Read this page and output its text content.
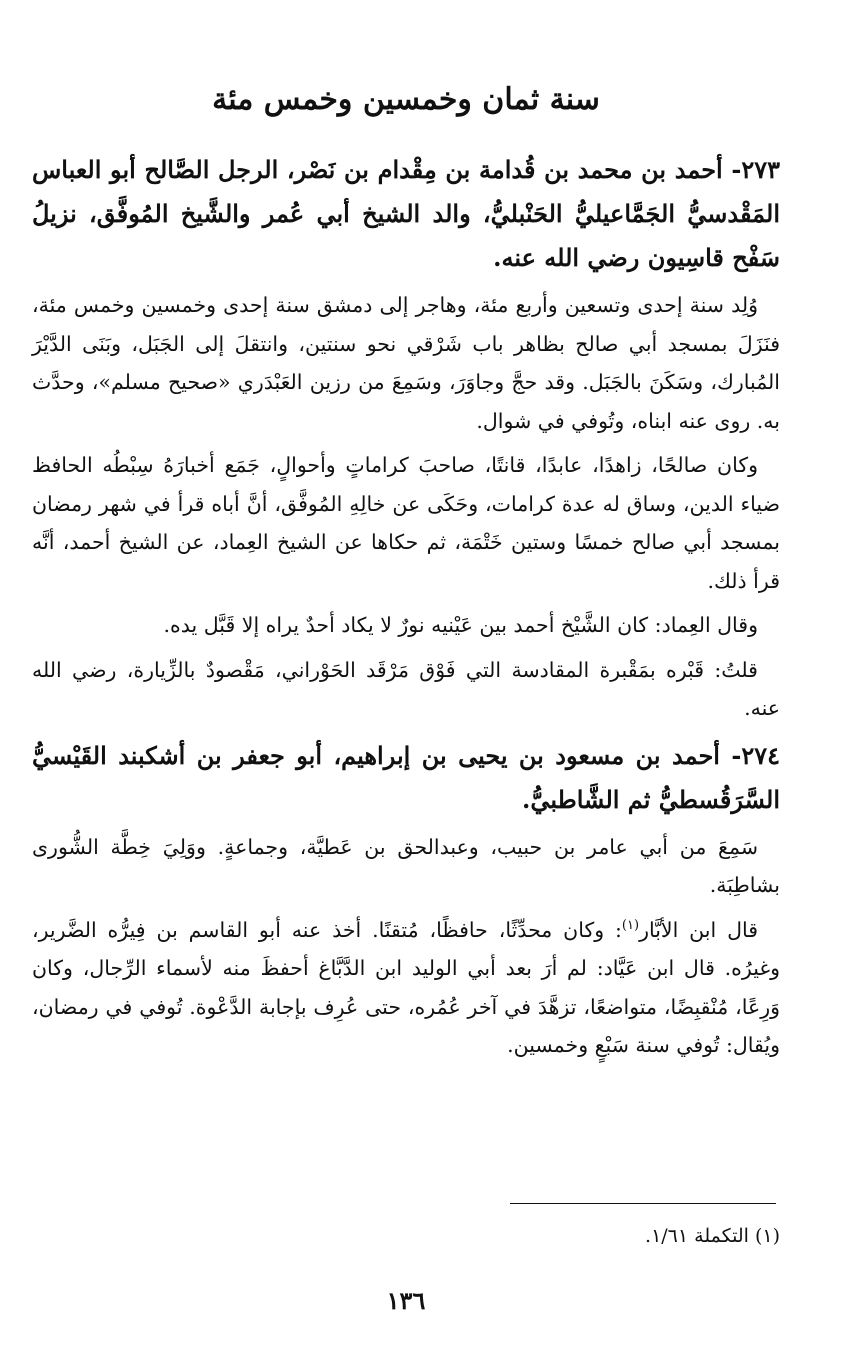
سنة ثمان وخمسين وخمس مئة

٢٧٣- أحمد بن محمد بن قُدامة بن مِقْدام بن نَصْر، الرجل الصَّالح أبو العباس المَقْدسيُّ الجَمَّاعيليُّ الحَنْبليُّ، والد الشيخ أبي عُمر والشَّيخ المُوفَّق، نزيلُ سَفْح قاسِيون رضي الله عنه.

وُلِد سنة إحدى وتسعين وأربع مئة، وهاجر إلى دمشق سنة إحدى وخمسين وخمس مئة، فنَزَلَ بمسجد أبي صالح بظاهر باب شَرْقي نحو سنتين، وانتقلَ إلى الجَبَل، وبَنَى الدَّيْرَ المُبارك، وسَكَنَ بالجَبَل. وقد حجَّ وجاوَرَ، وسَمِعَ من رزين العَبْدَري «صحيح مسلم»، وحدَّث به. روى عنه ابناه، وتُوفي في شوال.

وكان صالحًا، زاهدًا، عابدًا، قانتًا، صاحبَ كراماتٍ وأحوالٍ، جَمَع أخبارَهُ سِبْطُه الحافظ ضياء الدين، وساق له عدة كرامات، وحَكَى عن خالِهِ المُوفَّق، أنَّ أباه قرأ في شهر رمضان بمسجد أبي صالح خمسًا وستين خَتْمَة، ثم حكاها عن الشيخ العِماد، عن الشيخ أحمد، أنَّه قرأ ذلك.

وقال العِماد: كان الشَّيْخ أحمد بين عَيْنيه نورٌ لا يكاد أحدٌ يراه إلا قَبَّل يده.

قلتُ: قَبْره بمَقْبرة المقادسة التي فَوْق مَرْقَد الحَوْراني، مَقْصودٌ بالزِّيارة، رضي الله عنه.

٢٧٤- أحمد بن مسعود بن يحيى بن إبراهيم، أبو جعفر بن أشكبند القَيْسيُّ السَّرَقُسطيُّ ثم الشَّاطبيُّ.

سَمِعَ من أبي عامر بن حبيب، وعبدالحق بن عَطيَّة، وجماعةٍ. ووَلِيَ خِطَّة الشُّورى بشاطِبَة.

قال ابن الأبَّار$^{(١)}$: وكان محدِّثًا، حافظًا، مُتقنًا. أخذ عنه أبو القاسم بن فِيرُّه الضَّرير، وغيرُه. قال ابن عَيَّاد: لم أرَ بعد أبي الوليد ابن الدَّبَّاغ أحفظَ منه لأسماء الرِّجال، وكان وَرِعًا، مُنْقبِضًا، متواضعًا، تزهَّدَ في آخر عُمُره، حتى عُرِف بإجابة الدَّعْوة. تُوفي في رمضان، ويُقال: تُوفي سنة سَبْعٍ وخمسين.

(١) التكملة ١/٦١.
١٣٦
